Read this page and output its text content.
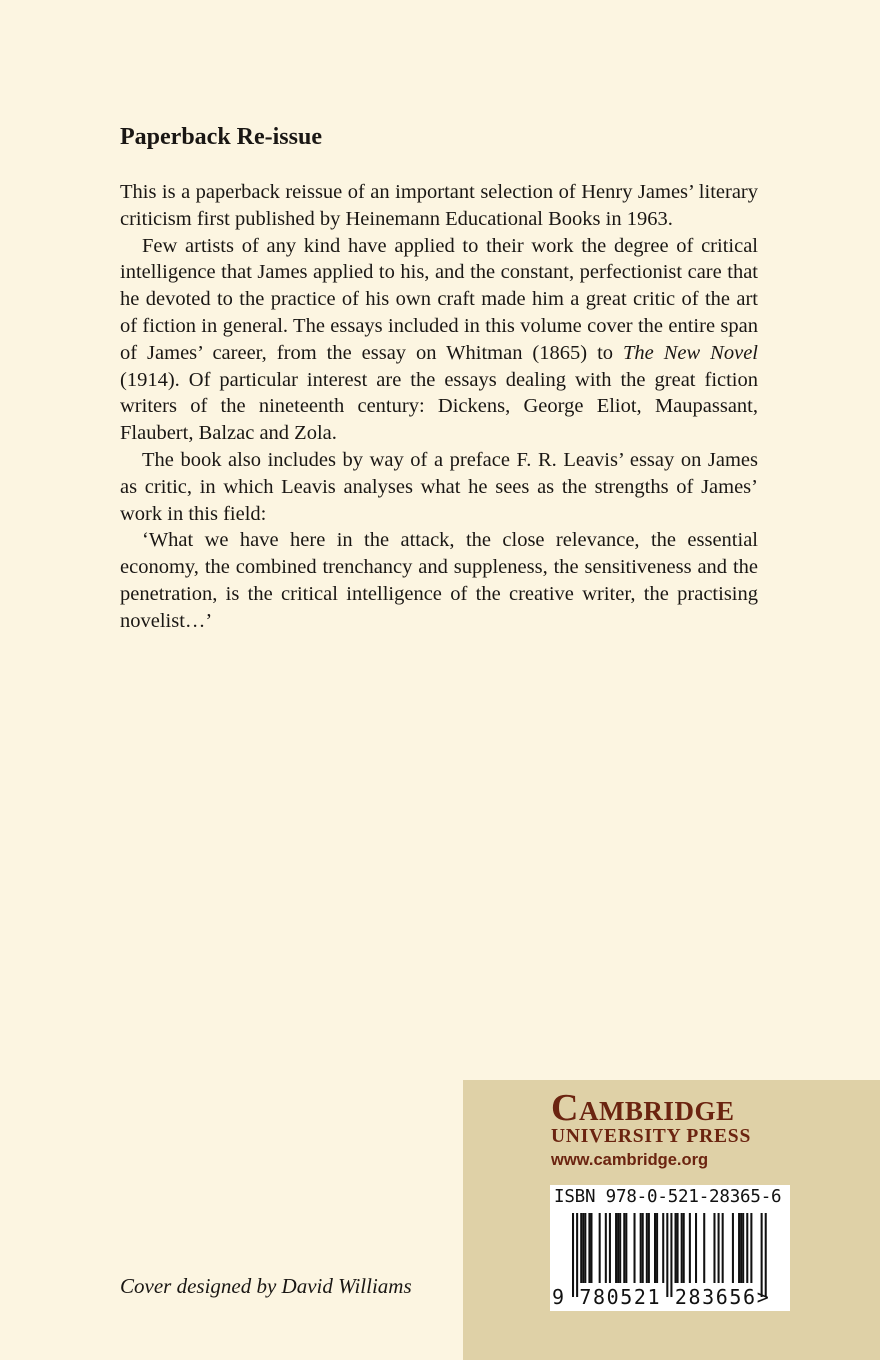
Paperback Re-issue

This is a paperback reissue of an important selection of Henry James’ literary criticism first published by Heinemann Educational Books in 1963.

Few artists of any kind have applied to their work the degree of critical intelligence that James applied to his, and the constant, perfectionist care that he devoted to the practice of his own craft made him a great critic of the art of fiction in general. The essays included in this volume cover the entire span of James’ career, from the essay on Whitman (1865) to The New Novel (1914). Of particular interest are the essays dealing with the great fiction writers of the nineteenth century: Dickens, George Eliot, Maupassant, Flaubert, Balzac and Zola.

The book also includes by way of a preface F. R. Leavis’ essay on James as critic, in which Leavis analyses what he sees as the strengths of James’ work in this field:

‘What we have here in the attack, the close relevance, the essential economy, the combined trenchancy and suppleness, the sensitiveness and the penetration, is the critical intelligence of the creative writer, the practising novelist…’

Cover designed by David Williams
Cambridge
UNIVERSITY PRESS
www.cambridge.org
ISBN 978-0-521-28365-6
9 780521 283656>
